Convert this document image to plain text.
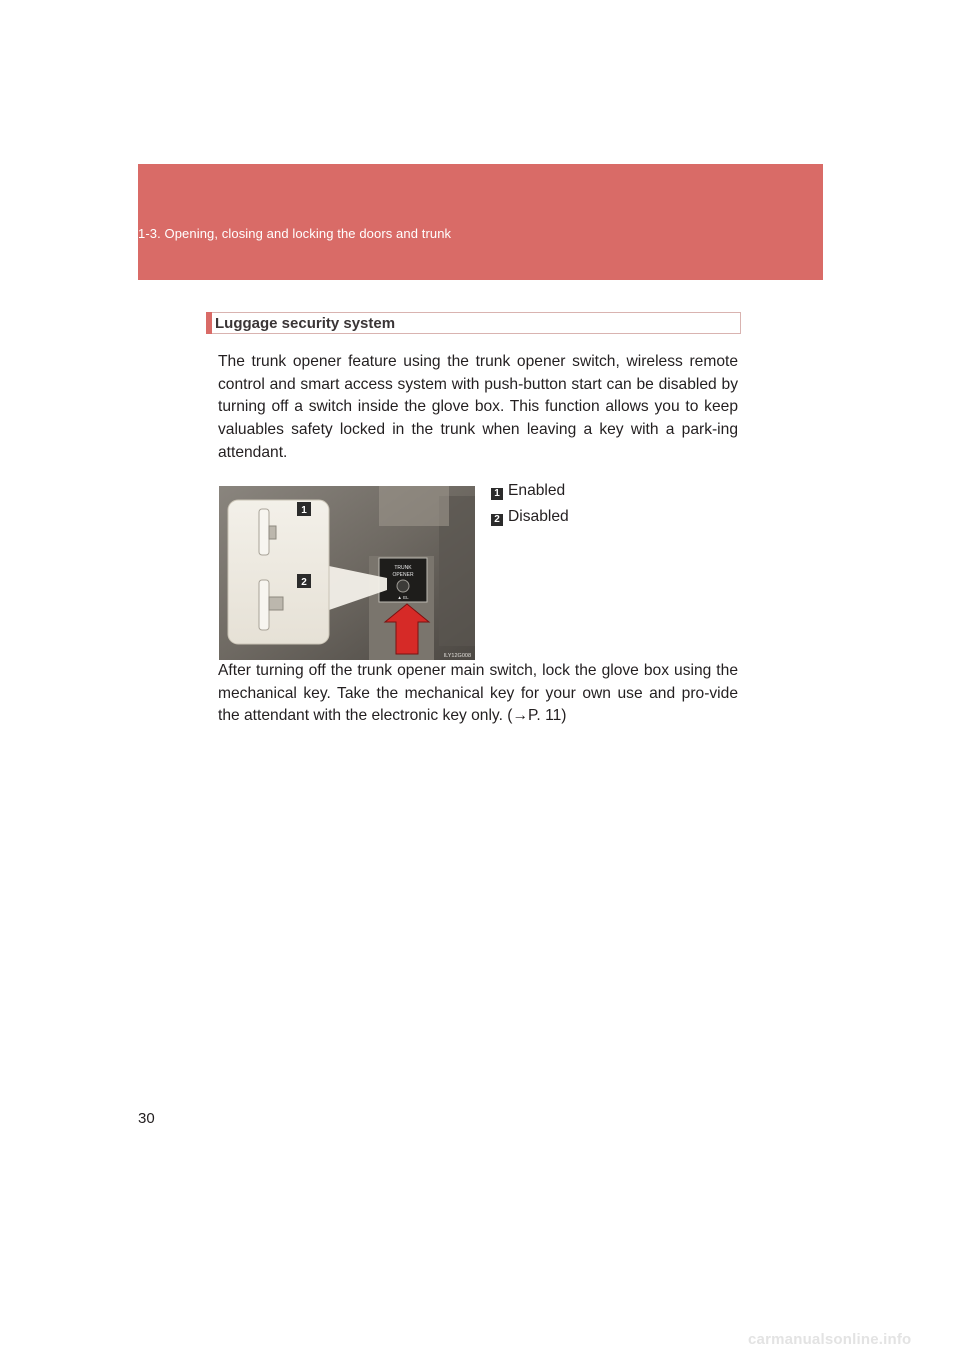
1-3. Opening, closing and locking the doors and trunk
Luggage security system

The trunk opener feature using the trunk opener switch, wireless remote control and smart access system with push-button start can be disabled by turning off a switch inside the glove box. This function allows you to keep valuables safety locked in the trunk when leaving a key with a park-ing attendant.

TRUNK
OPENER
▲ EL
1
2
ILY12G008
1 Enabled
2 Disabled

After turning off the trunk opener main switch, lock the glove box using the mechanical key. Take the mechanical key for your own use and pro-vide the attendant with the electronic key only. (→P. 11)

30
carmanualsonline.info
